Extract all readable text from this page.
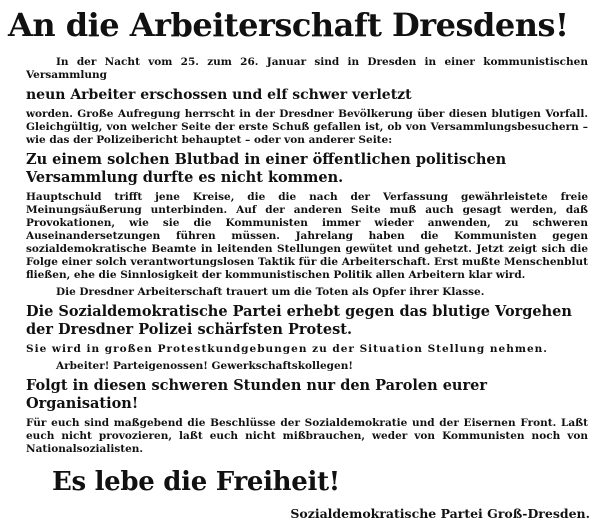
An die Arbeiterschaft Dresdens!

In der Nacht vom 25. zum 26. Januar sind in Dresden in einer kommunistischen Versammlung

neun Arbeiter erschossen und elf schwer verletzt

worden. Große Aufregung herrscht in der Dresdner Bevölkerung über diesen blutigen Vorfall. Gleichgültig, von welcher Seite der erste Schuß gefallen ist, ob von Versammlungsbesuchern – wie das der Polizeibericht behauptet – oder von anderer Seite:

Zu einem solchen Blutbad in einer öffentlichen politischen Versammlung durfte es nicht kommen.

Hauptschuld trifft jene Kreise, die die nach der Verfassung gewährleistete freie Meinungsäußerung unterbinden. Auf der anderen Seite muß auch gesagt werden, daß Provokationen, wie sie die Kommunisten immer wieder anwenden, zu schweren Auseinandersetzungen führen müssen. Jahrelang haben die Kommunisten gegen sozialdemokratische Beamte in leitenden Stellungen gewütet und gehetzt. Jetzt zeigt sich die Folge einer solch verantwortungslosen Taktik für die Arbeiterschaft. Erst mußte Menschenblut fließen, ehe die Sinnlosigkeit der kommunistischen Politik allen Arbeitern klar wird.

Die Dresdner Arbeiterschaft trauert um die Toten als Opfer ihrer Klasse.

Die Sozialdemokratische Partei erhebt gegen das blutige Vorgehen der Dresdner Polizei schärfsten Protest.

Sie wird in großen Protestkundgebungen zu der Situation Stellung nehmen.

Arbeiter! Parteigenossen! Gewerkschaftskollegen!

Folgt in diesen schweren Stunden nur den Parolen eurer Organisation!

Für euch sind maßgebend die Beschlüsse der Sozialdemokratie und der Eisernen Front. Laßt euch nicht provozieren, laßt euch nicht mißbrauchen, weder von Kommunisten noch von Nationalsozialisten.

Es lebe die Freiheit!
Sozialdemokratische Partei Groß-Dresden.
